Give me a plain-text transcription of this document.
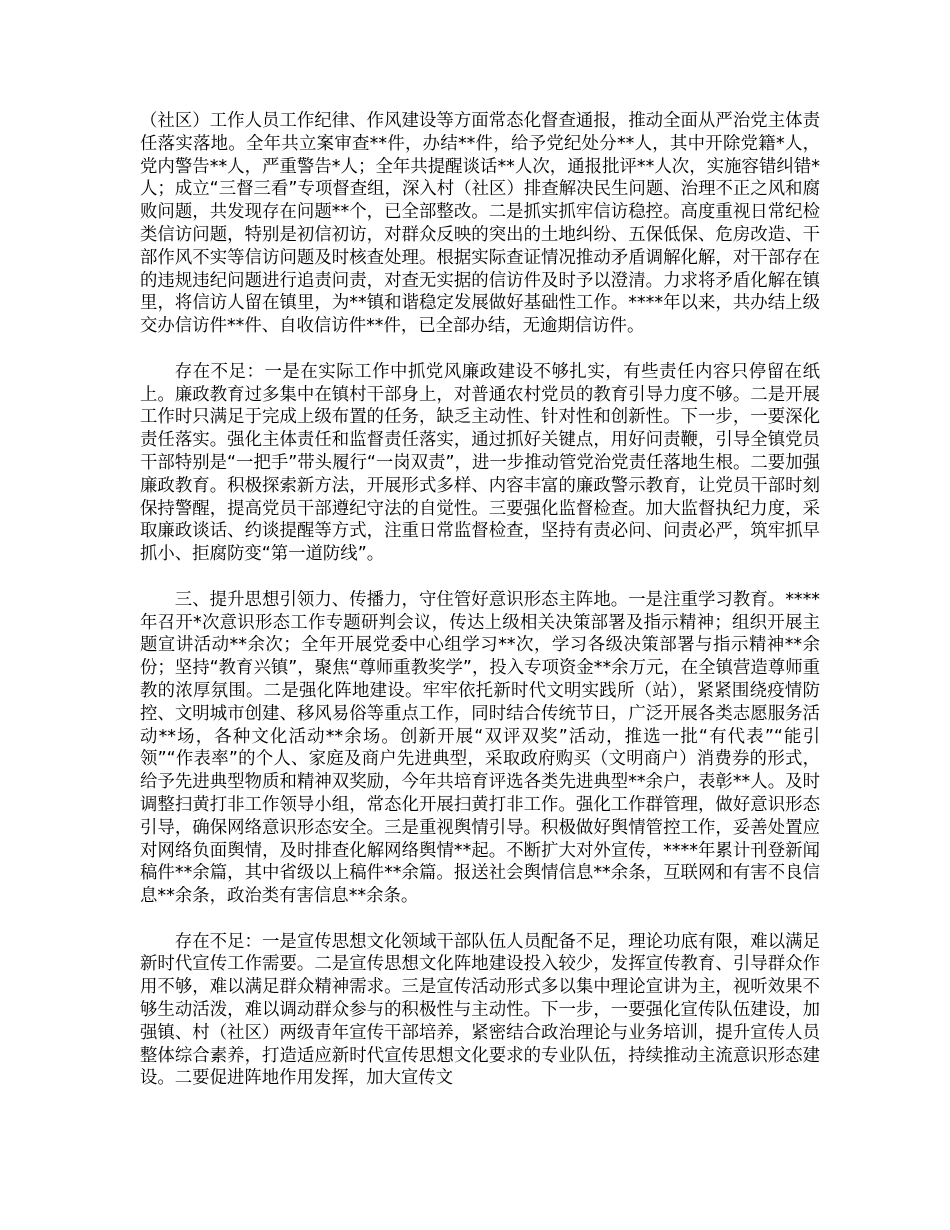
（社区）工作人员工作纪律、作风建设等方面常态化督查通报，推动全面从严治党主体责任落实落地。全年共立案审查**件，办结**件，给予党纪处分**人，其中开除党籍*人，党内警告**人，严重警告*人；全年共提醒谈话**人次，通报批评**人次，实施容错纠错*人；成立“三督三看”专项督查组，深入村（社区）排查解决民生问题、治理不正之风和腐败问题，共发现存在问题**个，已全部整改。二是抓实抓牢信访稳控。高度重视日常纪检类信访问题，特别是初信初访，对群众反映的突出的土地纠纷、五保低保、危房改造、干部作风不实等信访问题及时核查处理。根据实际查证情况推动矛盾调解化解，对干部存在的违规违纪问题进行追责问责，对查无实据的信访件及时予以澄清。力求将矛盾化解在镇里，将信访人留在镇里，为**镇和谐稳定发展做好基础性工作。****年以来，共办结上级交办信访件**件、自收信访件**件，已全部办结，无逾期信访件。

存在不足：一是在实际工作中抓党风廉政建设不够扎实，有些责任内容只停留在纸上。廉政教育过多集中在镇村干部身上，对普通农村党员的教育引导力度不够。二是开展工作时只满足于完成上级布置的任务，缺乏主动性、针对性和创新性。下一步，一要深化责任落实。强化主体责任和监督责任落实，通过抓好关键点，用好问责鞭，引导全镇党员干部特别是“一把手”带头履行“一岗双责”，进一步推动管党治党责任落地生根。二要加强廉政教育。积极探索新方法，开展形式多样、内容丰富的廉政警示教育，让党员干部时刻保持警醒，提高党员干部遵纪守法的自觉性。三要强化监督检查。加大监督执纪力度，采取廉政谈话、约谈提醒等方式，注重日常监督检查，坚持有责必问、问责必严，筑牢抓早抓小、拒腐防变“第一道防线”。

三、提升思想引领力、传播力，守住管好意识形态主阵地。一是注重学习教育。****年召开*次意识形态工作专题研判会议，传达上级相关决策部署及指示精神；组织开展主题宣讲活动**余次；全年开展党委中心组学习**次，学习各级决策部署与指示精神**余份；坚持“教育兴镇”，聚焦“尊师重教奖学”，投入专项资金**余万元，在全镇营造尊师重教的浓厚氛围。二是强化阵地建设。牢牢依托新时代文明实践所（站），紧紧围绕疫情防控、文明城市创建、移风易俗等重点工作，同时结合传统节日，广泛开展各类志愿服务活动**场，各种文化活动**余场。创新开展“双评双奖”活动，推选一批“有代表”“能引领”“作表率”的个人、家庭及商户先进典型，采取政府购买（文明商户）消费券的形式，给予先进典型物质和精神双奖励，今年共培育评选各类先进典型**余户，表彰**人。及时调整扫黄打非工作领导小组，常态化开展扫黄打非工作。强化工作群管理，做好意识形态引导，确保网络意识形态安全。三是重视舆情引导。积极做好舆情管控工作，妥善处置应对网络负面舆情，及时排查化解网络舆情**起。不断扩大对外宣传，****年累计刊登新闻稿件**余篇，其中省级以上稿件**余篇。报送社会舆情信息**余条，互联网和有害不良信息**余条，政治类有害信息**余条。

存在不足：一是宣传思想文化领域干部队伍人员配备不足，理论功底有限，难以满足新时代宣传工作需要。二是宣传思想文化阵地建设投入较少，发挥宣传教育、引导群众作用不够，难以满足群众精神需求。三是宣传活动形式多以集中理论宣讲为主，视听效果不够生动活泼，难以调动群众参与的积极性与主动性。下一步，一要强化宣传队伍建设，加强镇、村（社区）两级青年宣传干部培养，紧密结合政治理论与业务培训，提升宣传人员整体综合素养，打造适应新时代宣传思想文化要求的专业队伍，持续推动主流意识形态建设。二要促进阵地作用发挥，加大宣传文
